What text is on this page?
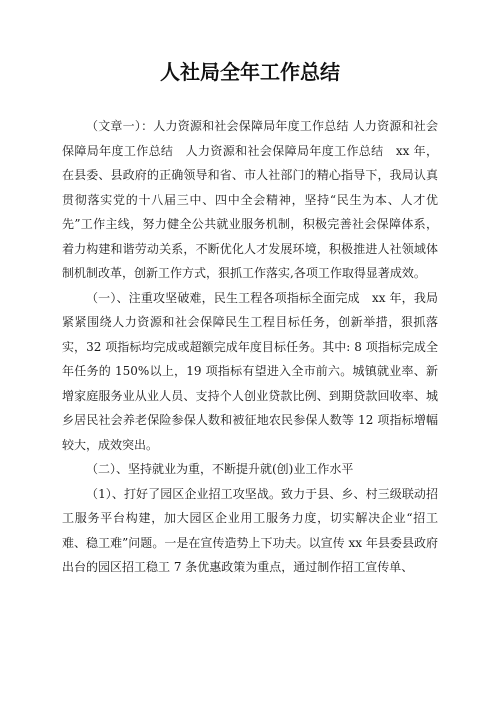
人社局全年工作总结

（文章一）：人力资源和社会保障局年度工作总结 人力资源和社会保障局年度工作总结　人力资源和社会保障局年度工作总结　xx 年，在县委、县政府的正确领导和省、市人社部门的精心指导下，我局认真贯彻落实党的十八届三中、四中全会精神，坚持“民生为本、人才优先”工作主线，努力健全公共就业服务机制，积极完善社会保障体系，着力构建和谐劳动关系，不断优化人才发展环境，积极推进人社领域体制机制改革，创新工作方式，狠抓工作落实,各项工作取得显著成效。

（一）、注重攻坚破难，民生工程各项指标全面完成　xx 年，我局紧紧围绕人力资源和社会保障民生工程目标任务，创新举措，狠抓落实，32 项指标均完成或超额完成年度目标任务。其中: 8 项指标完成全年任务的 150%以上，19 项指标有望进入全市前六。城镇就业率、新增家庭服务业从业人员、支持个人创业贷款比例、到期贷款回收率、城乡居民社会养老保险参保人数和被征地农民参保人数等 12 项指标增幅较大，成效突出。

（二）、坚持就业为重，不断提升就(创)业工作水平

（1）、打好了园区企业招工攻坚战。致力于县、乡、村三级联动招工服务平台构建，加大园区企业用工服务力度，切实解决企业“招工难、稳工难”问题。一是在宣传造势上下功夫。以宣传 xx 年县委县政府出台的园区招工稳工 7 条优惠政策为重点，通过制作招工宣传单、
